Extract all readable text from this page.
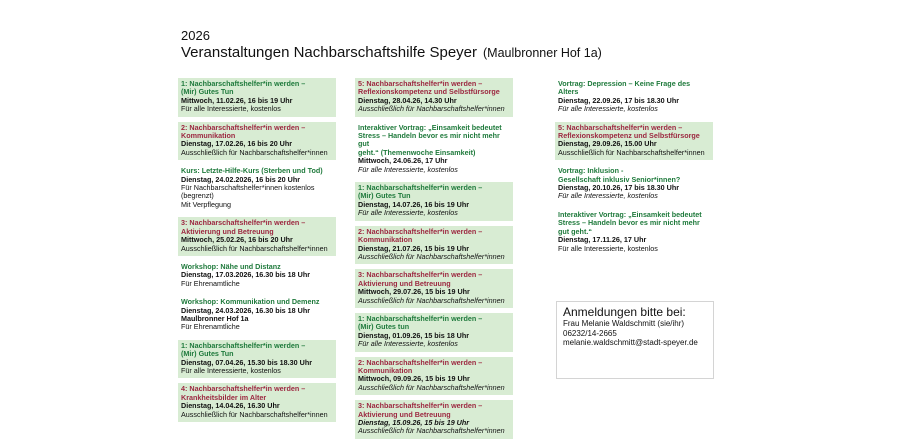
2026
Veranstaltungen Nachbarschaftshilfe Speyer (Maulbronner Hof 1a)
1: Nachbarschaftshelfer*in werden –
(Mir) Gutes Tun
Mittwoch, 11.02.26, 16 bis 19 Uhr
Für alle Interessierte, kostenlos
2: Nachbarschaftshelfer*in werden –
Kommunikation
Dienstag, 17.02.26, 16 bis 20 Uhr
Ausschließlich für Nachbarschaftshelfer*innen
Kurs: Letzte-Hilfe-Kurs (Sterben und Tod)
Dienstag, 24.02.2026, 16 bis 20 Uhr
Für Nachbarschaftshelfer*innen kostenlos
(begrenzt)
Mit Verpflegung
3: Nachbarschaftshelfer*in werden –
Aktivierung und Betreuung
Mittwoch, 25.02.26, 16 bis 20 Uhr
Ausschließlich für Nachbarschaftshelfer*innen
Workshop: Nähe und Distanz
Dienstag, 17.03.2026, 16.30 bis 18 Uhr
Für Ehrenamtliche
Workshop: Kommunikation und Demenz
Dienstag, 24.03.2026, 16.30 bis 18 Uhr
Maulbronner Hof 1a
Für Ehrenamtliche
1: Nachbarschaftshelfer*in werden –
(Mir) Gutes Tun
Dienstag, 07.04.26, 15.30 bis 18.30 Uhr
Für alle Interessierte, kostenlos
4: Nachbarschaftshelfer*in werden –
Krankheitsbilder im Alter
Dienstag, 14.04.26, 16.30 Uhr
Ausschließlich für Nachbarschaftshelfer*innen
5: Nachbarschaftshelfer*in werden –
Reflexionskompetenz und Selbstfürsorge
Dienstag, 28.04.26, 14.30 Uhr
Ausschließlich für Nachbarschaftshelfer*innen
Interaktiver Vortrag: „Einsamkeit bedeutet
Stress – Handeln bevor es mir nicht mehr gut
geht.“ (Themenwoche Einsamkeit)
Mittwoch, 24.06.26, 17 Uhr
Für alle Interessierte, kostenlos
1: Nachbarschaftshelfer*in werden –
(Mir) Gutes Tun
Dienstag, 14.07.26, 16 bis 19 Uhr
Für alle Interessierte, kostenlos
2: Nachbarschaftshelfer*in werden –
Kommunikation
Dienstag, 21.07.26, 15 bis 19 Uhr
Ausschließlich für Nachbarschaftshelfer*innen
3: Nachbarschaftshelfer*in werden –
Aktivierung und Betreuung
Mittwoch, 29.07.26, 15 bis 19 Uhr
Ausschließlich für Nachbarschaftshelfer*innen
1: Nachbarschaftshelfer*in werden –
(Mir) Gutes tun
Dienstag, 01.09.26, 15 bis 18 Uhr
Für alle Interessierte, kostenlos
2: Nachbarschaftshelfer*in werden –
Kommunikation
Mittwoch, 09.09.26, 15 bis 19 Uhr
Ausschließlich für Nachbarschaftshelfer*innen
3: Nachbarschaftshelfer*in werden –
Aktivierung und Betreuung
Dienstag, 15.09.26, 15 bis 19 Uhr
Ausschließlich für Nachbarschaftshelfer*innen
Vortrag: Depression – Keine Frage des
Alters
Dienstag, 22.09.26, 17 bis 18.30 Uhr
Für alle Interessierte, kostenlos
5: Nachbarschaftshelfer*in werden –
Reflexionskompetenz und Selbstfürsorge
Dienstag, 29.09.26, 15.00 Uhr
Ausschließlich für Nachbarschaftshelfer*innen
Vortrag: Inklusion -
Gesellschaft inklusiv Senior*innen?
Dienstag, 20.10.26, 17 bis 18.30 Uhr
Für alle Interessierte, kostenlos
Interaktiver Vortrag: „Einsamkeit bedeutet
Stress – Handeln bevor es mir nicht mehr
gut geht.“
Dienstag, 17.11.26, 17 Uhr
Für alle Interessierte, kostenlos
Anmeldungen bitte bei:
Frau Melanie Waldschmitt (sie/ihr)
06232/14-2665
melanie.waldschmitt@stadt-speyer.de
